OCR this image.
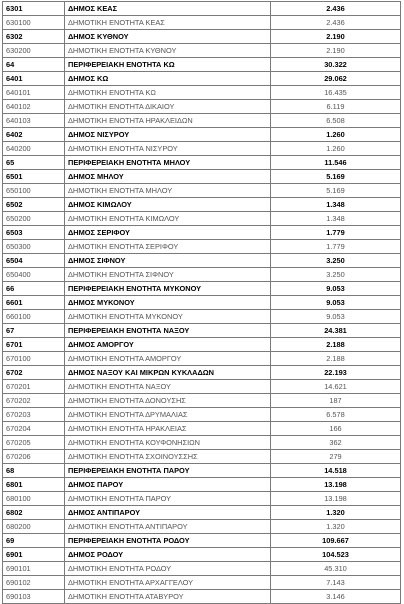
6301	ΔΗΜΟΣ ΚΕΑΣ	2.436
630100	ΔΗΜΟΤΙΚΗ ΕΝΟΤΗΤΑ ΚΕΑΣ	2.436
6302	ΔΗΜΟΣ ΚΥΘΝΟΥ	2.190
630200	ΔΗΜΟΤΙΚΗ ΕΝΟΤΗΤΑ ΚΥΘΝΟΥ	2.190
64	ΠΕΡΙΦΕΡΕΙΑΚΗ ΕΝΟΤΗΤΑ ΚΩ	30.322
6401	ΔΗΜΟΣ ΚΩ	29.062
640101	ΔΗΜΟΤΙΚΗ ΕΝΟΤΗΤΑ ΚΩ	16.435
640102	ΔΗΜΟΤΙΚΗ ΕΝΟΤΗΤΑ ΔΙΚΑΙΟΥ	6.119
640103	ΔΗΜΟΤΙΚΗ ΕΝΟΤΗΤΑ ΗΡΑΚΛΕΙΔΩΝ	6.508
6402	ΔΗΜΟΣ ΝΙΣΥΡΟΥ	1.260
640200	ΔΗΜΟΤΙΚΗ ΕΝΟΤΗΤΑ ΝΙΣΥΡΟΥ	1.260
65	ΠΕΡΙΦΕΡΕΙΑΚΗ ΕΝΟΤΗΤΑ ΜΗΛΟΥ	11.546
6501	ΔΗΜΟΣ ΜΗΛΟΥ	5.169
650100	ΔΗΜΟΤΙΚΗ ΕΝΟΤΗΤΑ ΜΗΛΟΥ	5.169
6502	ΔΗΜΟΣ ΚΙΜΩΛΟΥ	1.348
650200	ΔΗΜΟΤΙΚΗ ΕΝΟΤΗΤΑ ΚΙΜΩΛΟΥ	1.348
6503	ΔΗΜΟΣ ΣΕΡΙΦΟΥ	1.779
650300	ΔΗΜΟΤΙΚΗ ΕΝΟΤΗΤΑ ΣΕΡΙΦΟΥ	1.779
6504	ΔΗΜΟΣ ΣΙΦΝΟΥ	3.250
650400	ΔΗΜΟΤΙΚΗ ΕΝΟΤΗΤΑ ΣΙΦΝΟΥ	3.250
66	ΠΕΡΙΦΕΡΕΙΑΚΗ ΕΝΟΤΗΤΑ ΜΥΚΟΝΟΥ	9.053
6601	ΔΗΜΟΣ ΜΥΚΟΝΟΥ	9.053
660100	ΔΗΜΟΤΙΚΗ ΕΝΟΤΗΤΑ ΜΥΚΟΝΟΥ	9.053
67	ΠΕΡΙΦΕΡΕΙΑΚΗ ΕΝΟΤΗΤΑ ΝΑΞΟΥ	24.381
6701	ΔΗΜΟΣ ΑΜΟΡΓΟΥ	2.188
670100	ΔΗΜΟΤΙΚΗ ΕΝΟΤΗΤΑ ΑΜΟΡΓΟΥ	2.188
6702	ΔΗΜΟΣ ΝΑΞΟΥ ΚΑΙ ΜΙΚΡΩΝ ΚΥΚΛΑΔΩΝ	22.193
670201	ΔΗΜΟΤΙΚΗ ΕΝΟΤΗΤΑ ΝΑΞΟΥ	14.621
670202	ΔΗΜΟΤΙΚΗ ΕΝΟΤΗΤΑ ΔΟΝΟΥΣΗΣ	187
670203	ΔΗΜΟΤΙΚΗ ΕΝΟΤΗΤΑ ΔΡΥΜΑΛΙΑΣ	6.578
670204	ΔΗΜΟΤΙΚΗ ΕΝΟΤΗΤΑ ΗΡΑΚΛΕΙΑΣ	166
670205	ΔΗΜΟΤΙΚΗ ΕΝΟΤΗΤΑ ΚΟΥΦΟΝΗΣΙΩΝ	362
670206	ΔΗΜΟΤΙΚΗ ΕΝΟΤΗΤΑ ΣΧΟΙΝΟΥΣΣΗΣ	279
68	ΠΕΡΙΦΕΡΕΙΑΚΗ ΕΝΟΤΗΤΑ ΠΑΡΟΥ	14.518
6801	ΔΗΜΟΣ ΠΑΡΟΥ	13.198
680100	ΔΗΜΟΤΙΚΗ ΕΝΟΤΗΤΑ ΠΑΡΟΥ	13.198
6802	ΔΗΜΟΣ ΑΝΤΙΠΑΡΟΥ	1.320
680200	ΔΗΜΟΤΙΚΗ ΕΝΟΤΗΤΑ ΑΝΤΙΠΑΡΟΥ	1.320
69	ΠΕΡΙΦΕΡΕΙΑΚΗ ΕΝΟΤΗΤΑ ΡΟΔΟΥ	109.667
6901	ΔΗΜΟΣ ΡΟΔΟΥ	104.523
690101	ΔΗΜΟΤΙΚΗ ΕΝΟΤΗΤΑ ΡΟΔΟΥ	45.310
690102	ΔΗΜΟΤΙΚΗ ΕΝΟΤΗΤΑ ΑΡΧΑΓΓΕΛΟΥ	7.143
690103	ΔΗΜΟΤΙΚΗ ΕΝΟΤΗΤΑ ΑΤΑΒΥΡΟΥ	3.146
